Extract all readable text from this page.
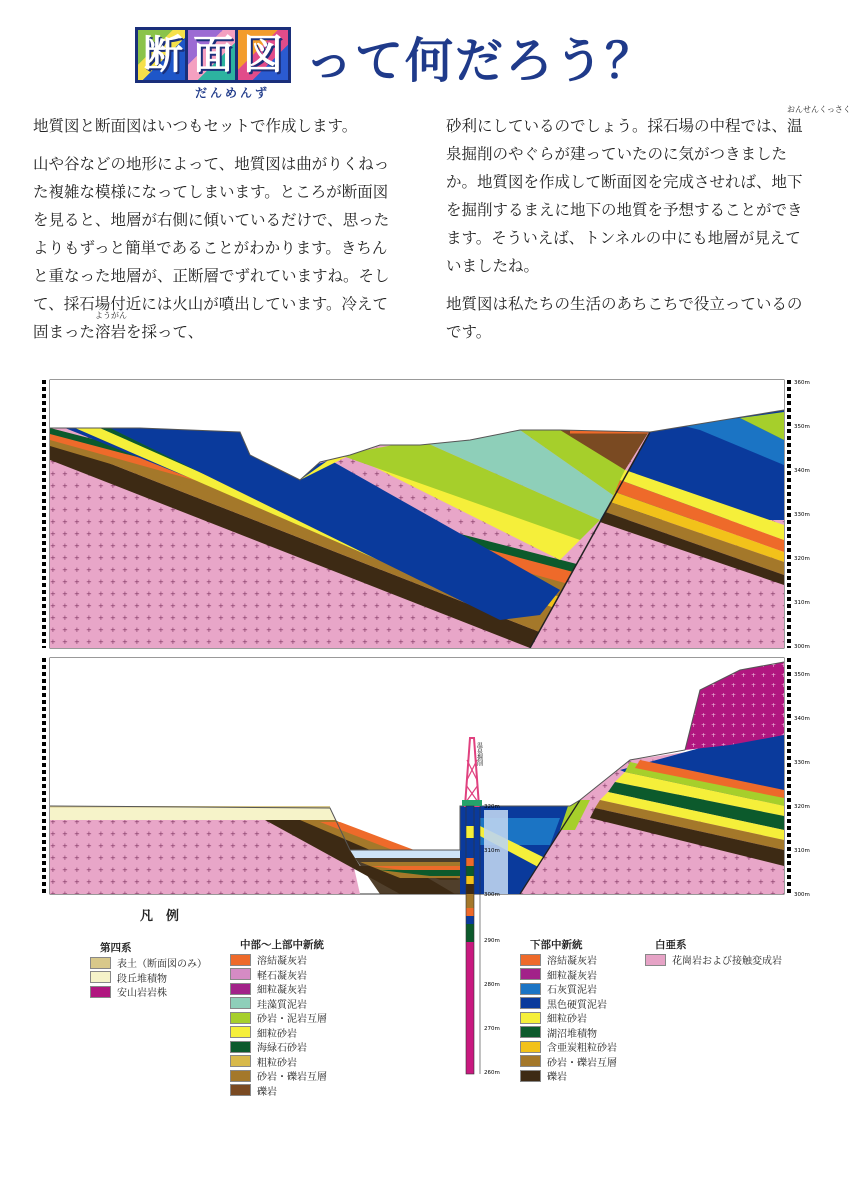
断 面 図 って何だろう？
だんめんず

地質図と断面図はいつもセットで作成します。

山や谷などの地形によって、地質図は曲がりくねった複雑な模様になってしまいます。ところが断面図を見ると、地層が右側に傾いているだけで、思ったよりもずっと簡単であることがわかります。きちんと重なった地層が、正断層でずれていますね。そして、採石場付近には火山が噴出しています。冷えて固まった
ようがん
溶岩を採って、

砂利にしているのでしょう。採石場の中程では、
おんせんくっさく
温泉掘削のやぐらが建っていたのに気がつきましたか。地質図を作成して断面図を完成させれば、地下を掘削するまえに地下の地質を予想することができます。そういえば、トンネルの中にも地層が見えていましたね。

地質図は私たちの生活のあちこちで役立っているのです。

360m
350m
340m
330m
320m
310m
300m
350m
340m
330m
320m
310m
300m
温泉掘削
320m
310m
300m
290m
280m
270m
260m
凡　例
第四系
表土（断面図のみ）
段丘堆積物
安山岩岩株
中部～上部中新統
溶結凝灰岩
軽石凝灰岩
細粒凝灰岩
珪藻質泥岩
砂岩・泥岩互層
細粒砂岩
海緑石砂岩
粗粒砂岩
砂岩・礫岩互層
礫岩
下部中新統
溶結凝灰岩
細粒凝灰岩
石灰質泥岩
黒色硬質泥岩
細粒砂岩
湖沼堆積物
含亜炭粗粒砂岩
砂岩・礫岩互層
礫岩
白亜系
花崗岩および接触変成岩
